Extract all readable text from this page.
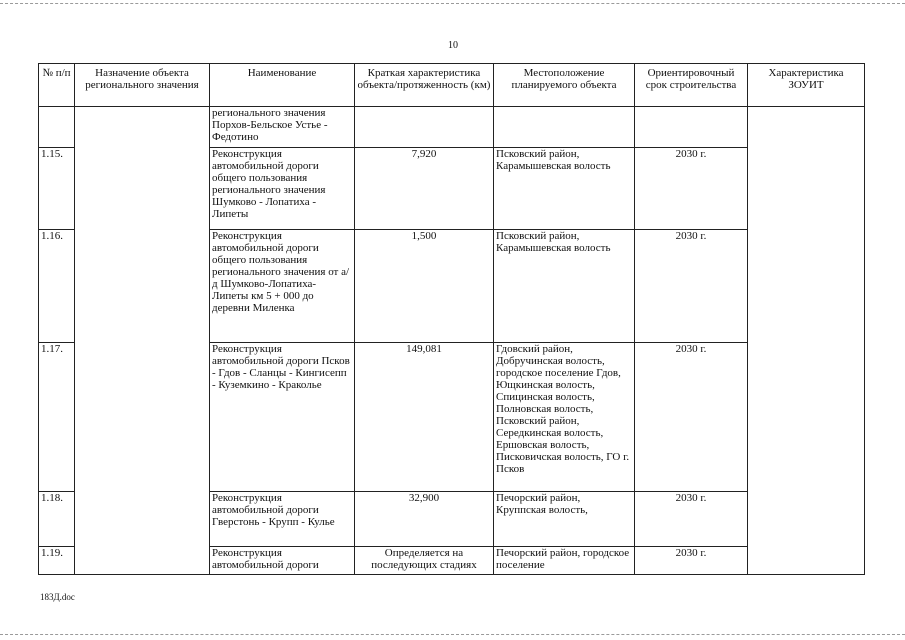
10
№ п/п	Назначение объекта регионального значения	Наименование	Краткая характеристика объекта/протяженность (км)	Местоположение планируемого объекта	Ориентировочный срок строительства	Характеристика ЗОУИТ
		регионального значения Порхов-Бельское Устье - Федотино				
1.15.		Реконструкция автомобильной дороги общего пользования регионального значения Шумково - Лопатиха - Липеты	7,920	Псковский район, Карамышевская волость	2030 г.	
1.16.		Реконструкция автомобильной дороги общего пользования регионального значения от а/д Шумково-Лопатиха-Липеты км 5 + 000 до деревни Миленка	1,500	Псковский район, Карамышевская волость	2030 г.	
1.17.		Реконструкция автомобильной дороги Псков - Гдов - Сланцы - Кингисепп - Куземкино - Краколье	149,081	Гдовский район, Добручинская волость, городское поселение Гдов, Ющкинская волость, Спицинская волость, Полновская волость, Псковский район, Середкинская волость, Ершовская волость, Писковичская волость, ГО г. Псков	2030 г.	
1.18.		Реконструкция автомобильной дороги Гверстонь - Крупп - Кулье	32,900	Печорский район, Круппская волость,	2030 г.	
1.19.		Реконструкция автомобильной дороги	Определяется на последующих стадиях	Печорский район, городское поселение	2030 г.	
183Д.doc
